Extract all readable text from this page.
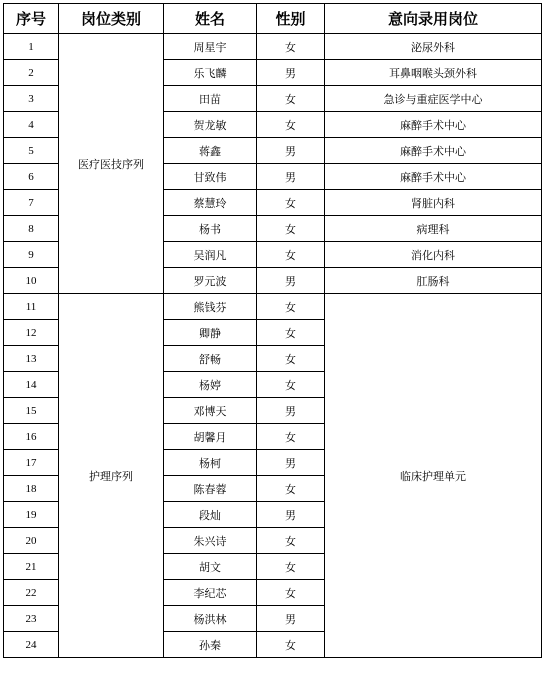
序号	岗位类别	姓名	性别	意向录用岗位
1	医疗医技序列	周星宇	女	泌尿外科
2		乐飞麟	男	耳鼻咽喉头颈外科
3		田苗	女	急诊与重症医学中心
4		贺龙敏	女	麻醉手术中心
5		蒋鑫	男	麻醉手术中心
6		甘致伟	男	麻醉手术中心
7		蔡慧玲	女	肾脏内科
8		杨书	女	病理科
9		吴润凡	女	消化内科
10		罗元波	男	肛肠科
11	护理序列	熊钱芬	女	临床护理单元
12		卿静	女	
13		舒畅	女	
14		杨婷	女	
15		邓博天	男	
16		胡馨月	女	
17		杨柯	男	
18		陈春蓉	女	
19		段灿	男	
20		朱兴诗	女	
21		胡文	女	
22		李纪芯	女	
23		杨洪林	男	
24		孙秦	女	
